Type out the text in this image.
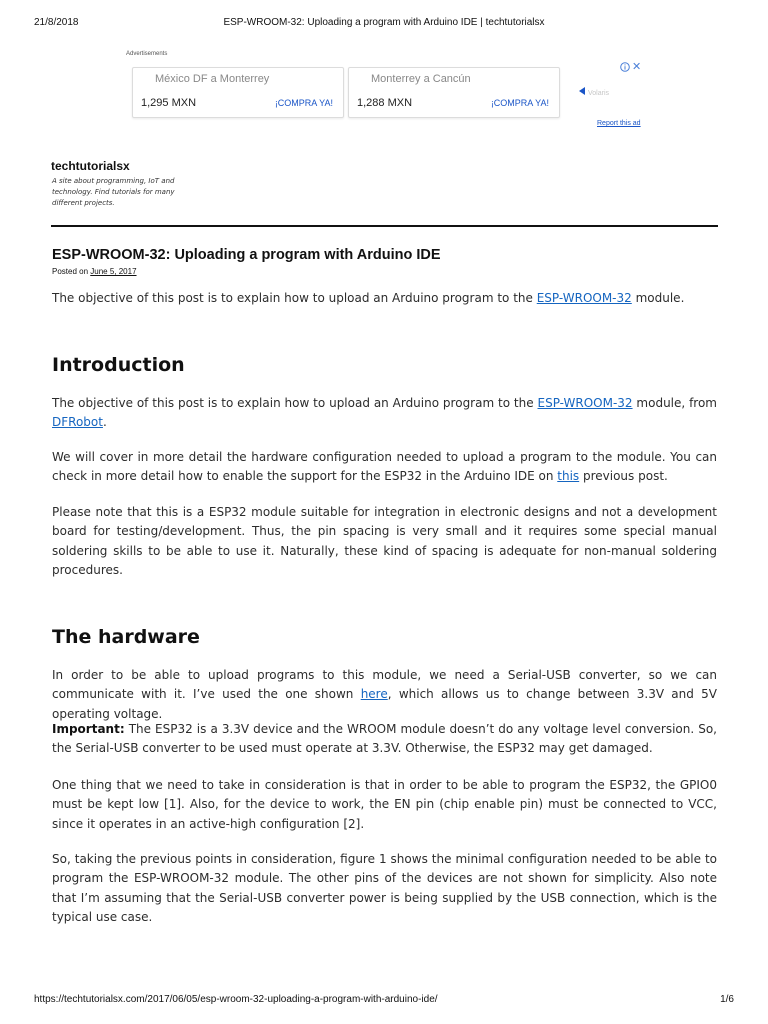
21/8/2018	ESP-WROOM-32: Uploading a program with Arduino IDE | techtutorialsx
Advertisements
México DF a Monterrey
1,295 MXN	¡COMPRA YA!
Monterrey a Cancún
1,288 MXN	¡COMPRA YA!
✕
Volaris
Report this ad
techtutorialsx
A site about programming, IoT and technology. Find tutorials for many different projects.
ESP-WROOM-32: Uploading a program with Arduino IDE
Posted on June 5, 2017

The objective of this post is to explain how to upload an Arduino program to the ESP-WROOM-32 module.

Introduction

The objective of this post is to explain how to upload an Arduino program to the ESP-WROOM-32 module, from DFRobot.

We will cover in more detail the hardware configuration needed to upload a program to the module. You can check in more detail how to enable the support for the ESP32 in the Arduino IDE on this previous post.

Please note that this is a ESP32 module suitable for integration in electronic designs and not a development board for testing/development. Thus, the pin spacing is very small and it requires some special manual soldering skills to be able to use it. Naturally, these kind of spacing is adequate for non-manual soldering procedures.

The hardware

In order to be able to upload programs to this module, we need a Serial-USB converter, so we can communicate with it. I’ve used the one shown here, which allows us to change between 3.3V and 5V operating voltage.

Important: The ESP32 is a 3.3V device and the WROOM module doesn’t do any voltage level conversion. So, the Serial-USB converter to be used must operate at 3.3V. Otherwise, the ESP32 may get damaged.

One thing that we need to take in consideration is that in order to be able to program the ESP32, the GPIO0 must be kept low [1]. Also, for the device to work, the EN pin (chip enable pin) must be connected to VCC, since it operates in an active-high configuration [2].

So, taking the previous points in consideration, figure 1 shows the minimal configuration needed to be able to program the ESP-WROOM-32 module. The other pins of the devices are not shown for simplicity. Also note that I’m assuming that the Serial-USB converter power is being supplied by the USB connection, which is the typical use case.

https://techtutorialsx.com/2017/06/05/esp-wroom-32-uploading-a-program-with-arduino-ide/	1/6
